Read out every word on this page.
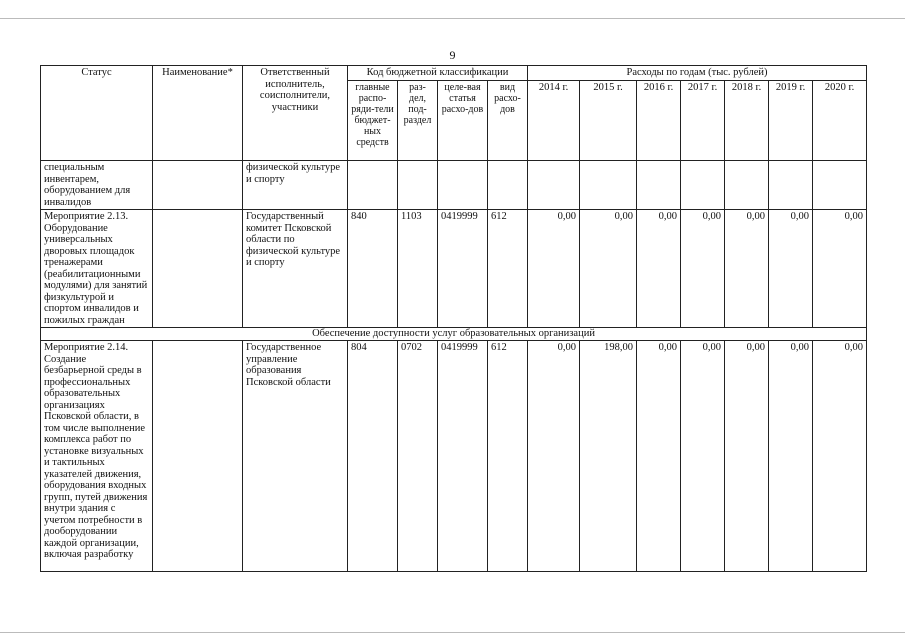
9
Статус	Наименование*	Ответственный исполнитель, соисполнители, участники	Код бюджетной классификации				Расходы по годам (тыс. рублей)						
			главные распо-ряди-тели бюджет-ных средств	раз-дел, под-раздел	целе-вая статья расхо-дов	вид расхо-дов	2014 г.	2015 г.	2016 г.	2017 г.	2018 г.	2019 г.	2020 г.
специальным инвентарем, оборудованием для инвалидов		физической культуре и спорту											
Мероприятие 2.13. Оборудование универсальных дворовых площадок тренажерами (реабилитационными модулями) для занятий физкультурой и спортом инвалидов и пожилых граждан		Государственный комитет Псковской области по физической культуре и спорту	840	1103	0419999	612	0,00	0,00	0,00	0,00	0,00	0,00	0,00
Обеспечение доступности услуг образовательных организаций													
Мероприятие 2.14. Создание безбарьерной среды в профессиональных образовательных организациях Псковской области, в том числе выполнение комплекса работ по установке визуальных и тактильных указателей движения, оборудования входных групп, путей движения внутри здания с учетом потребности в дооборудовании каждой организации, включая разработку		Государственное управление образования Псковской области	804	0702	0419999	612	0,00	198,00	0,00	0,00	0,00	0,00	0,00
